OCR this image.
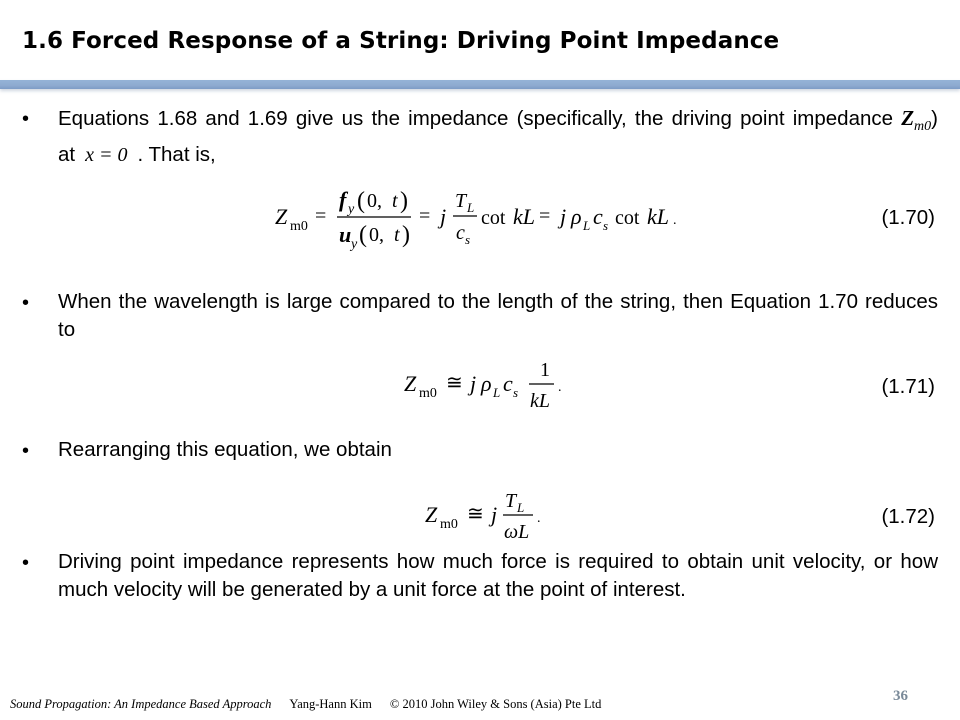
1.6 Forced Response of a String: Driving Point Impedance
• Equations 1.68 and 1.69 give us the impedance (specifically, the driving point impedance $Z_{m0}$) at x = 0 . That is,
Z m0 =
f y ( 0, t )
u y ( 0, t )
= j
T L
c s
cot kL = j ρ L c s cot kL .	(1.70)
• When the wavelength is large compared to the length of the string, then Equation 1.70 reduces to
Z m0 ≅ j ρ L c s
1
kL
.	(1.71)
• Rearranging this equation, we obtain
Z m0 ≅ j
T L
ωL
.	(1.72)
• Driving point impedance represents how much force is required to obtain unit velocity, or how much velocity will be generated by a unit force at the point of interest.
Sound Propagation: An Impedance Based Approach Yang-Hann Kim © 2010 John Wiley & Sons (Asia) Pte Ltd	36
